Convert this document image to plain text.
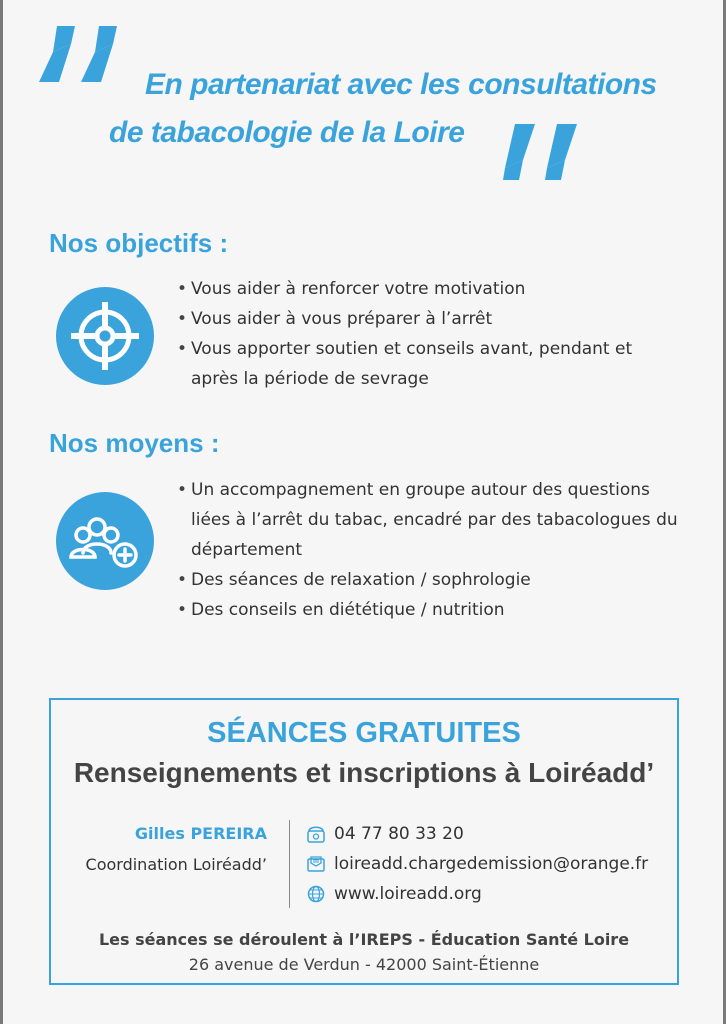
En partenariat avec les consultations
de tabacologie de la Loire
Nos objectifs :
• Vous aider à renforcer votre motivation
• Vous aider à vous préparer à l’arrêt
• Vous apporter soutien et conseils avant, pendant et après la période de sevrage
Nos moyens :
• Un accompagnement en groupe autour des questions liées à l’arrêt du tabac, encadré par des tabacologues du département
• Des séances de relaxation / sophrologie
• Des conseils en diététique / nutrition
SÉANCES GRATUITES
Renseignements et inscriptions à Loiréadd’
Gilles PEREIRA
Coordination Loiréadd’
04 77 80 33 20
loireadd.chargedemission@orange.fr
www.loireadd.org
Les séances se déroulent à l’IREPS - Éducation Santé Loire
26 avenue de Verdun - 42000 Saint-Étienne
